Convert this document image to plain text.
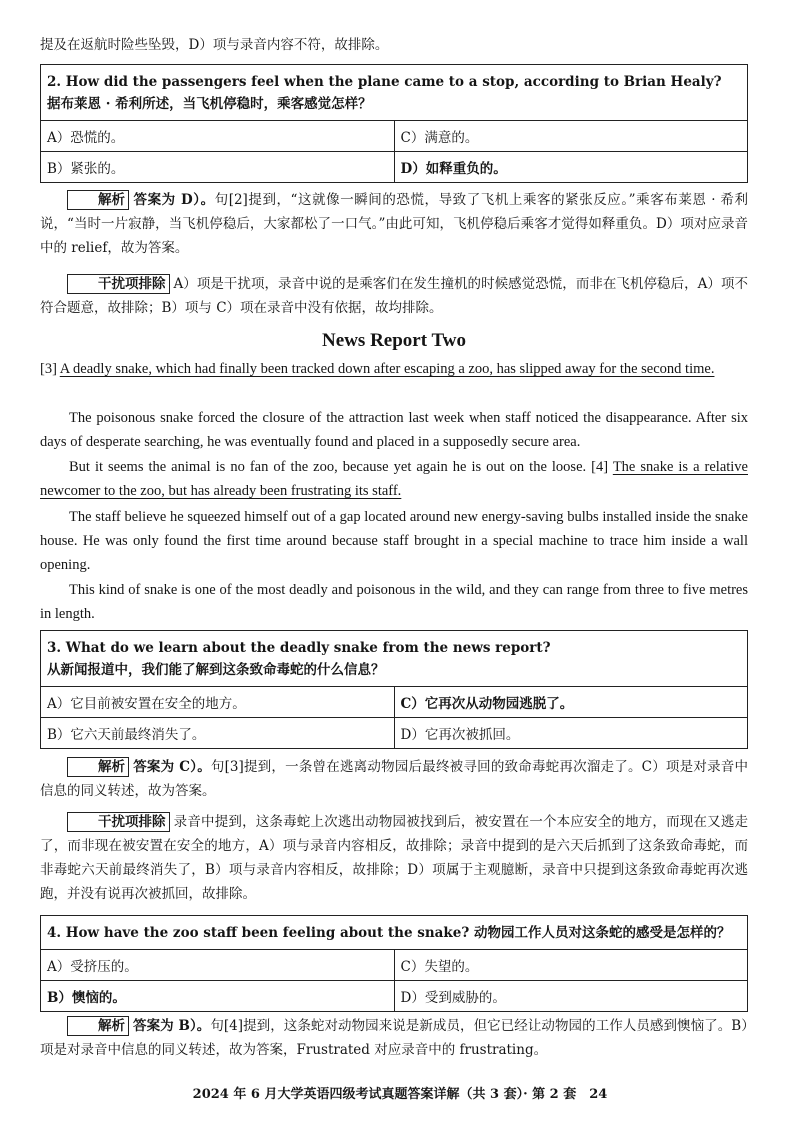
提及在返航时险些坠毁，D）项与录音内容不符，故排除。

2. How did the passengers feel when the plane came to a stop, according to Brian Healy?
据布莱恩 · 希利所述，当飞机停稳时，乘客感觉怎样？	

A）恐慌的。	C）满意的。
B）紧张的。	D）如释重负的。

解析 答案为 D）。句[2]提到，“这就像一瞬间的恐慌，导致了飞机上乘客的紧张反应。”乘客布莱恩 · 希利说，“当时一片寂静，当飞机停稳后，大家都松了一口气。”由此可知，飞机停稳后乘客才觉得如释重负。D）项对应录音中的 relief，故为答案。

干扰项排除 A）项是干扰项，录音中说的是乘客们在发生撞机的时候感觉恐慌，而非在飞机停稳后，A）项不符合题意，故排除；B）项与 C）项在录音中没有依据，故均排除。

News Report Two

[3] A deadly snake, which had finally been tracked down after escaping a zoo, has slipped away for the second time.

The poisonous snake forced the closure of the attraction last week when staff noticed the disappearance. After six days of desperate searching, he was eventually found and placed in a supposedly secure area.

But it seems the animal is no fan of the zoo, because yet again he is out on the loose. [4] The snake is a relative newcomer to the zoo, but has already been frustrating its staff.

The staff believe he squeezed himself out of a gap located around new energy-saving bulbs installed inside the snake house. He was only found the first time around because staff brought in a special machine to trace him inside a wall opening.

This kind of snake is one of the most deadly and poisonous in the wild, and they can range from three to five metres in length.

3. What do we learn about the deadly snake from the news report?
从新闻报道中，我们能了解到这条致命毒蛇的什么信息？	

A）它目前被安置在安全的地方。	C）它再次从动物园逃脱了。
B）它六天前最终消失了。	D）它再次被抓回。

解析 答案为 C）。句[3]提到，一条曾在逃离动物园后最终被寻回的致命毒蛇再次溜走了。C）项是对录音中信息的同义转述，故为答案。

干扰项排除 录音中提到，这条毒蛇上次逃出动物园被找到后，被安置在一个本应安全的地方，而现在又逃走了，而非现在被安置在安全的地方，A）项与录音内容相反，故排除；录音中提到的是六天后抓到了这条致命毒蛇，而非毒蛇六天前最终消失了，B）项与录音内容相反，故排除；D）项属于主观臆断，录音中只提到这条致命毒蛇再次逃跑，并没有说再次被抓回，故排除。

4. How have the zoo staff been feeling about the snake? 动物园工作人员对这条蛇的感受是怎样的？	
A）受挤压的。	C）失望的。
B）懊恼的。	D）受到威胁的。

解析 答案为 B）。句[4]提到，这条蛇对动物园来说是新成员，但它已经让动物园的工作人员感到懊恼了。B）项是对录音中信息的同义转述，故为答案，Frustrated 对应录音中的 frustrating。

2024 年 6 月大学英语四级考试真题答案详解（共 3 套）· 第 2 套　24
